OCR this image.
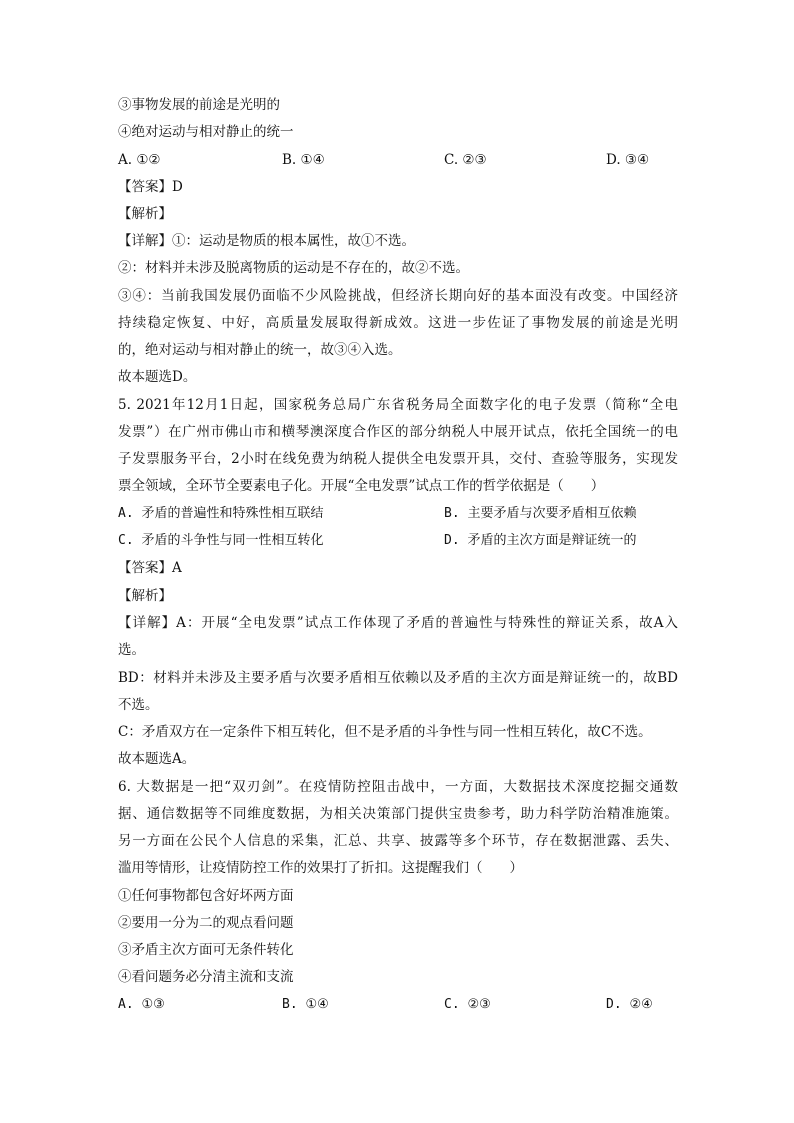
③事物发展的前途是光明的
④绝对运动与相对静止的统一
A. ①②	B. ①④	C. ②③	D. ③④
【答案】D
【解析】
【详解】①：运动是物质的根本属性，故①不选。
②：材料并未涉及脱离物质的运动是不存在的，故②不选。
③④：当前我国发展仍面临不少风险挑战，但经济长期向好的基本面没有改变。中国经济
持续稳定恢复、中好，高质量发展取得新成效。这进一步佐证了事物发展的前途是光明
的，绝对运动与相对静止的统一，故③④入选。
故本题选D。
5. 2021年12月1日起，国家税务总局广东省税务局全面数字化的电子发票（简称“全电
发票”）在广州市佛山市和横琴澳深度合作区的部分纳税人中展开试点，依托全国统一的电
子发票服务平台，2小时在线免费为纳税人提供全电发票开具，交付、查验等服务，实现发
票全领域，全环节全要素电子化。开展“全电发票”试点工作的哲学依据是（　　）
A. 矛盾的普遍性和特殊性相互联结	B. 主要矛盾与次要矛盾相互依赖
C. 矛盾的斗争性与同一性相互转化	D. 矛盾的主次方面是辩证统一的
【答案】A
【解析】
【详解】A：开展“全电发票”试点工作体现了矛盾的普遍性与特殊性的辩证关系，故A入
选。
BD：材料并未涉及主要矛盾与次要矛盾相互依赖以及矛盾的主次方面是辩证统一的，故BD
不选。
C：矛盾双方在一定条件下相互转化，但不是矛盾的斗争性与同一性相互转化，故C不选。
故本题选A。
6. 大数据是一把“双刃剑”。在疫情防控阻击战中，一方面，大数据技术深度挖掘交通数
据、通信数据等不同维度数据，为相关决策部门提供宝贵参考，助力科学防治精准施策。
另一方面在公民个人信息的采集，汇总、共享、披露等多个环节，存在数据泄露、丢失、
滥用等情形，让疫情防控工作的效果打了折扣。这提醒我们（　　）
①任何事物都包含好坏两方面
②要用一分为二的观点看问题
③矛盾主次方面可无条件转化
④看问题务必分清主流和支流
A. ①③	B. ①④	C. ②③	D. ②④
